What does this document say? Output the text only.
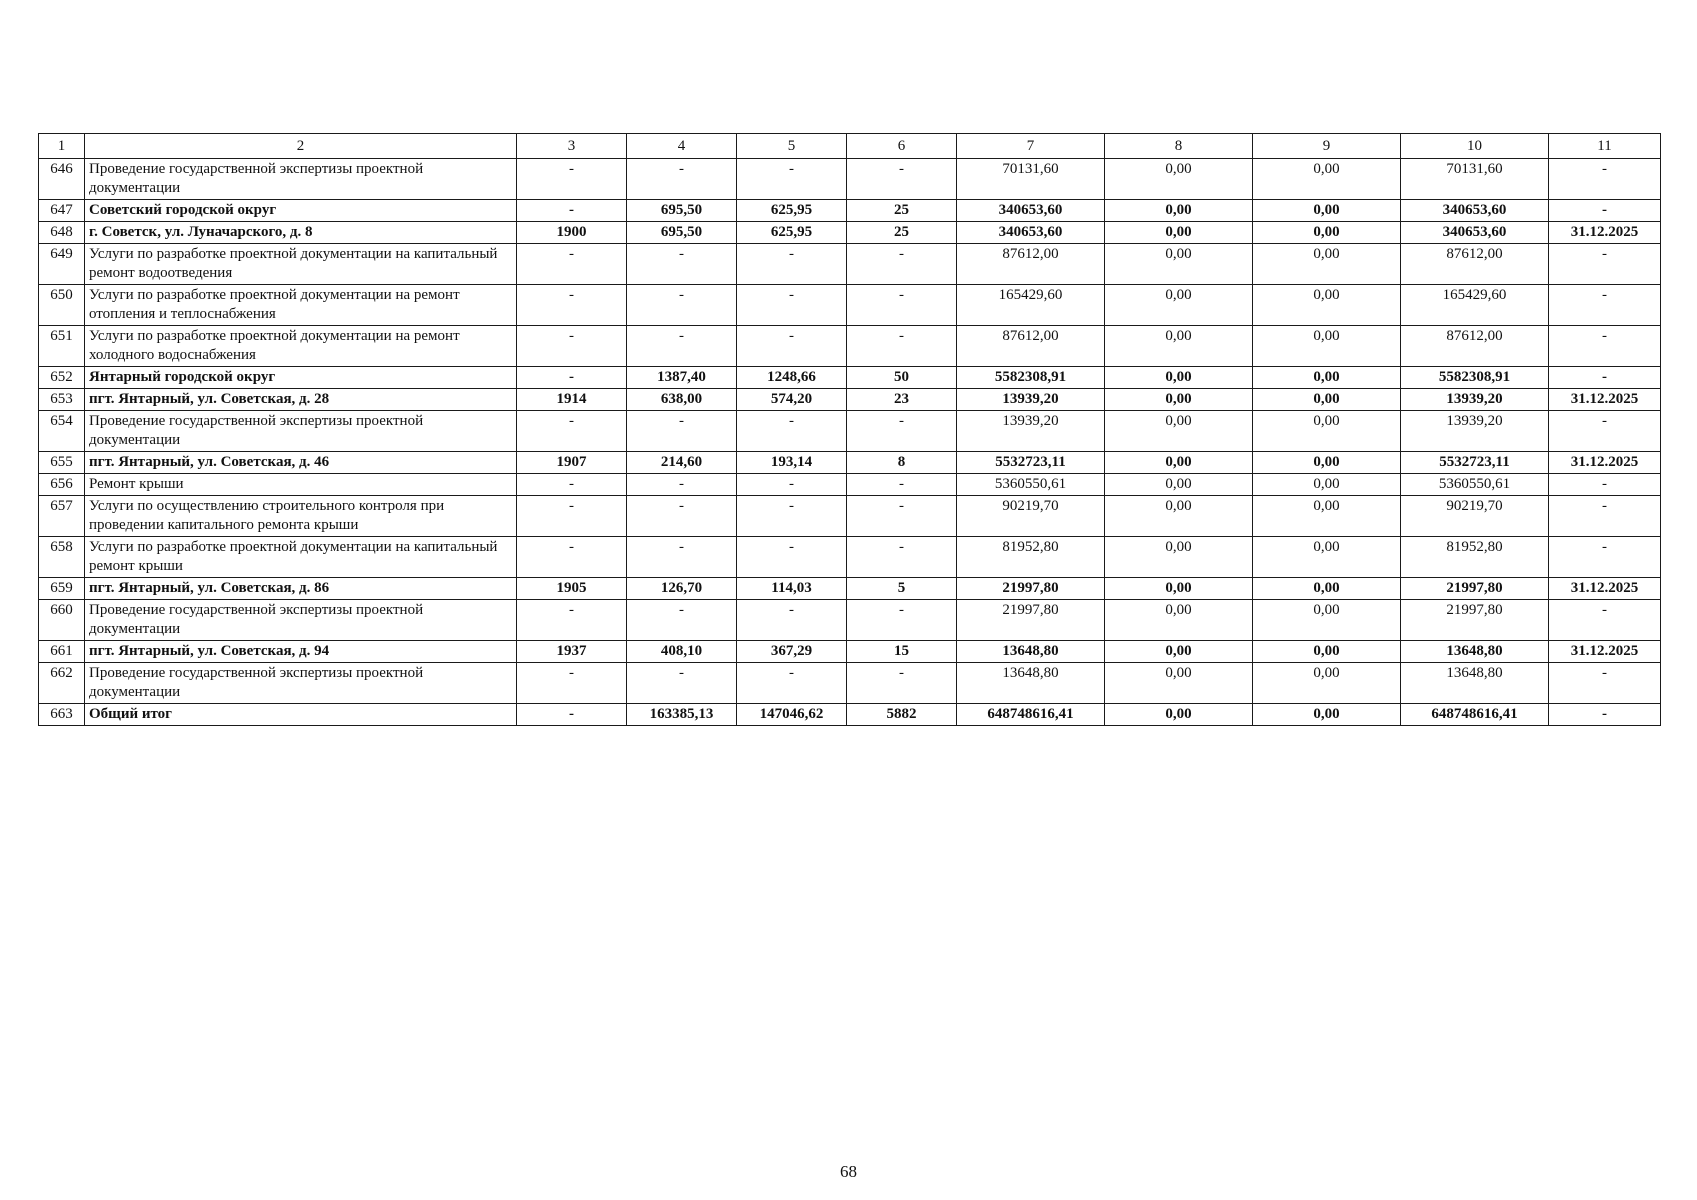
1	2	3	4	5	6	7	8	9	10	11
646	Проведение государственной экспертизы проектной документации	-	-	-	-	70131,60	0,00	0,00	70131,60	-
647	Советский городской округ	-	695,50	625,95	25	340653,60	0,00	0,00	340653,60	-
648	г. Советск, ул. Луначарского, д. 8	1900	695,50	625,95	25	340653,60	0,00	0,00	340653,60	31.12.2025
649	Услуги по разработке проектной документации на капитальный ремонт водоотведения	-	-	-	-	87612,00	0,00	0,00	87612,00	-
650	Услуги по разработке проектной документации на ремонт отопления и теплоснабжения	-	-	-	-	165429,60	0,00	0,00	165429,60	-
651	Услуги по разработке проектной документации на ремонт холодного водоснабжения	-	-	-	-	87612,00	0,00	0,00	87612,00	-
652	Янтарный городской округ	-	1387,40	1248,66	50	5582308,91	0,00	0,00	5582308,91	-
653	пгт. Янтарный, ул. Советская, д. 28	1914	638,00	574,20	23	13939,20	0,00	0,00	13939,20	31.12.2025
654	Проведение государственной экспертизы проектной документации	-	-	-	-	13939,20	0,00	0,00	13939,20	-
655	пгт. Янтарный, ул. Советская, д. 46	1907	214,60	193,14	8	5532723,11	0,00	0,00	5532723,11	31.12.2025
656	Ремонт крыши	-	-	-	-	5360550,61	0,00	0,00	5360550,61	-
657	Услуги по осуществлению строительного контроля при проведении капитального ремонта крыши	-	-	-	-	90219,70	0,00	0,00	90219,70	-
658	Услуги по разработке проектной документации на капитальный ремонт крыши	-	-	-	-	81952,80	0,00	0,00	81952,80	-
659	пгт. Янтарный, ул. Советская, д. 86	1905	126,70	114,03	5	21997,80	0,00	0,00	21997,80	31.12.2025
660	Проведение государственной экспертизы проектной документации	-	-	-	-	21997,80	0,00	0,00	21997,80	-
661	пгт. Янтарный, ул. Советская, д. 94	1937	408,10	367,29	15	13648,80	0,00	0,00	13648,80	31.12.2025
662	Проведение государственной экспертизы проектной документации	-	-	-	-	13648,80	0,00	0,00	13648,80	-
663	Общий итог	-	163385,13	147046,62	5882	648748616,41	0,00	0,00	648748616,41	-
68
